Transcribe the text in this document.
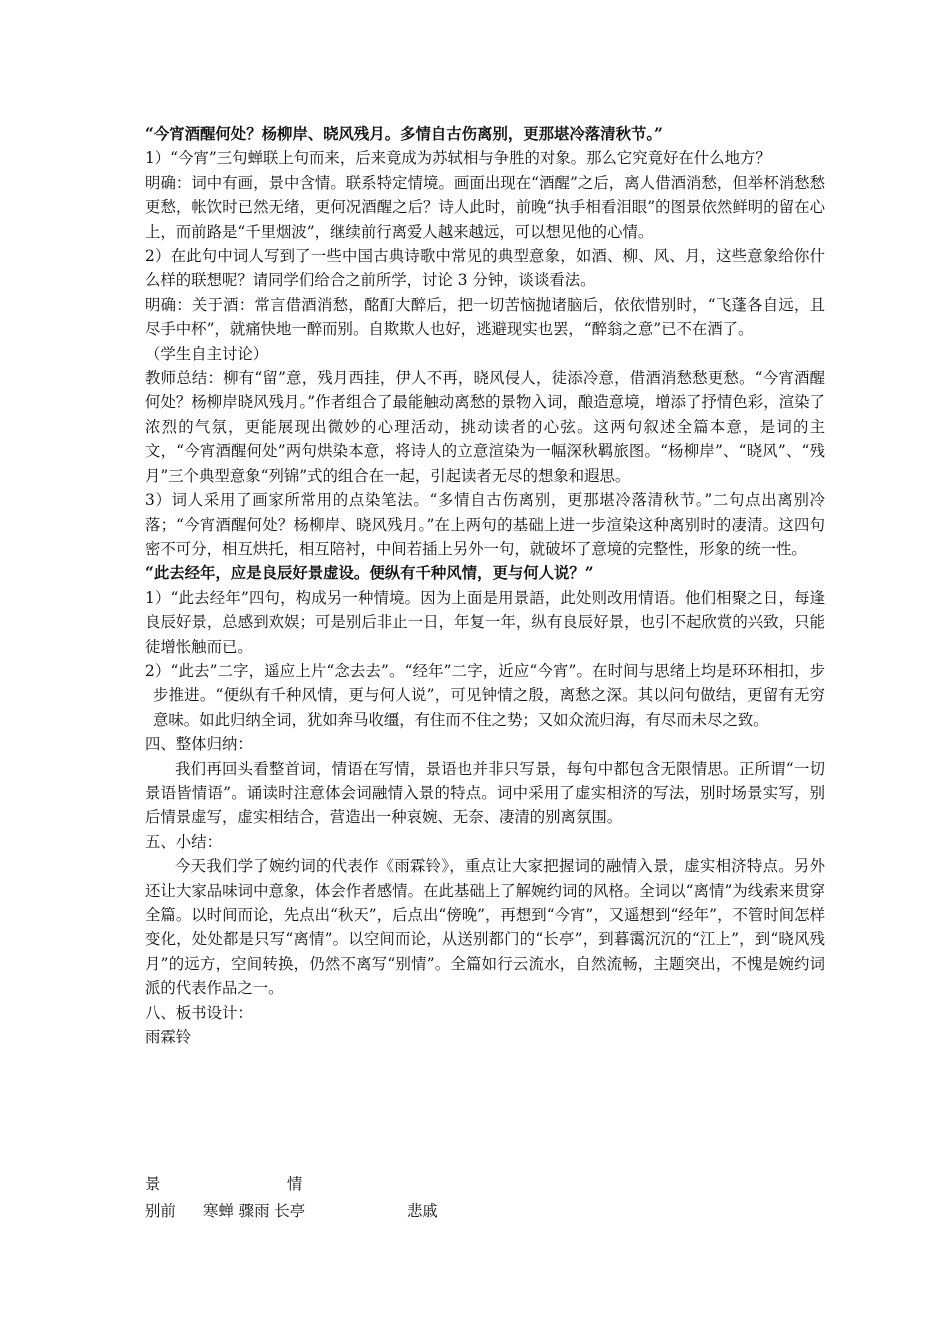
“今宵酒醒何处？杨柳岸、晓风残月。多情自古伤离别，更那堪冷落清秋节。”

1）“今宵”三句蝉联上句而来，后来竟成为苏轼相与争胜的对象。那么它究竟好在什么地方？

明确：词中有画，景中含情。联系特定情境。画面出现在“酒醒”之后，离人借酒消愁，但举杯消愁愁更愁，帐饮时已然无绪，更何况酒醒之后？诗人此时，前晚“执手相看泪眼”的图景依然鲜明的留在心上，而前路是“千里烟波”，继续前行离爱人越来越远，可以想见他的心情。

2）在此句中词人写到了一些中国古典诗歌中常见的典型意象，如酒、柳、风、月，这些意象给你什么样的联想呢？请同学们给合之前所学，讨论 3 分钟，谈谈看法。

明确：关于酒：常言借酒消愁，酩酊大醉后，把一切苦恼抛诸脑后，依依惜别时，“飞蓬各自远，且尽手中杯”，就痛快地一醉而别。自欺欺人也好，逃避现实也罢，“醉翁之意”已不在酒了。

（学生自主讨论）

教师总结：柳有“留”意，残月西挂，伊人不再，晓风侵人，徒添冷意，借酒消愁愁更愁。“今宵酒醒何处？杨柳岸晓风残月。”作者组合了最能触动离愁的景物入词，酿造意境，增添了抒情色彩，渲染了浓烈的气氛，更能展现出微妙的心理活动，挑动读者的心弦。这两句叙述全篇本意，是词的主文，“今宵酒醒何处”两句烘染本意，将诗人的立意渲染为一幅深秋羁旅图。“杨柳岸”、“晓风”、“残月”三个典型意象“列锦”式的组合在一起，引起读者无尽的想象和遐思。

3）词人采用了画家所常用的点染笔法。“多情自古伤离别，更那堪冷落清秋节。”二句点出离别冷落；“今宵酒醒何处？杨柳岸、晓风残月。”在上两句的基础上进一步渲染这种离别时的凄清。这四句密不可分，相互烘托，相互陪衬，中间若插上另外一句，就破坏了意境的完整性，形象的统一性。

“此去经年，应是良辰好景虚设。便纵有千种风情，更与何人说？”

1）“此去经年”四句，构成另一种情境。因为上面是用景語，此处则改用情语。他们相聚之日，每逢良辰好景，总感到欢娱；可是别后非止一日，年复一年，纵有良辰好景，也引不起欣赏的兴致，只能徒增怅触而已。

2）“此去”二字，遥应上片“念去去”。“经年”二字，近应“今宵”。在时间与思绪上均是环环相扣，步步推进。“便纵有千种风情，更与何人说”，可见钟情之殷，离愁之深。其以问句做结，更留有无穷意味。如此归纳全词，犹如奔马收缰，有住而不住之势；又如众流归海，有尽而未尽之致。

四、整体归纳：

我们再回头看整首词，情语在写情，景语也并非只写景，每句中都包含无限情思。正所谓“一切景语皆情语”。诵读时注意体会词融情入景的特点。词中采用了虚实相济的写法，别时场景实写，别后情景虚写，虚实相结合，营造出一种哀婉、无奈、凄清的别离氛围。

五、小结：

今天我们学了婉约词的代表作《雨霖铃》，重点让大家把握词的融情入景，虚实相济特点。另外还让大家品味词中意象，体会作者感情。在此基础上了解婉约词的风格。全词以“离情”为线索来贯穿全篇。以时间而论，先点出“秋天”，后点出“傍晚”，再想到“今宵”，又遥想到“经年”，不管时间怎样变化，处处都是只写“离情”。以空间而论，从送别都门的“长亭”，到暮霭沉沉的“江上”，到“晓风残月”的远方，空间转换，仍然不离写“别情”。全篇如行云流水，自然流畅，主题突出，不愧是婉约词派的代表作品之一。

八、板书设计：

雨霖铃

景	情
别前 寒蝉 骤雨 长亭	悲戚
